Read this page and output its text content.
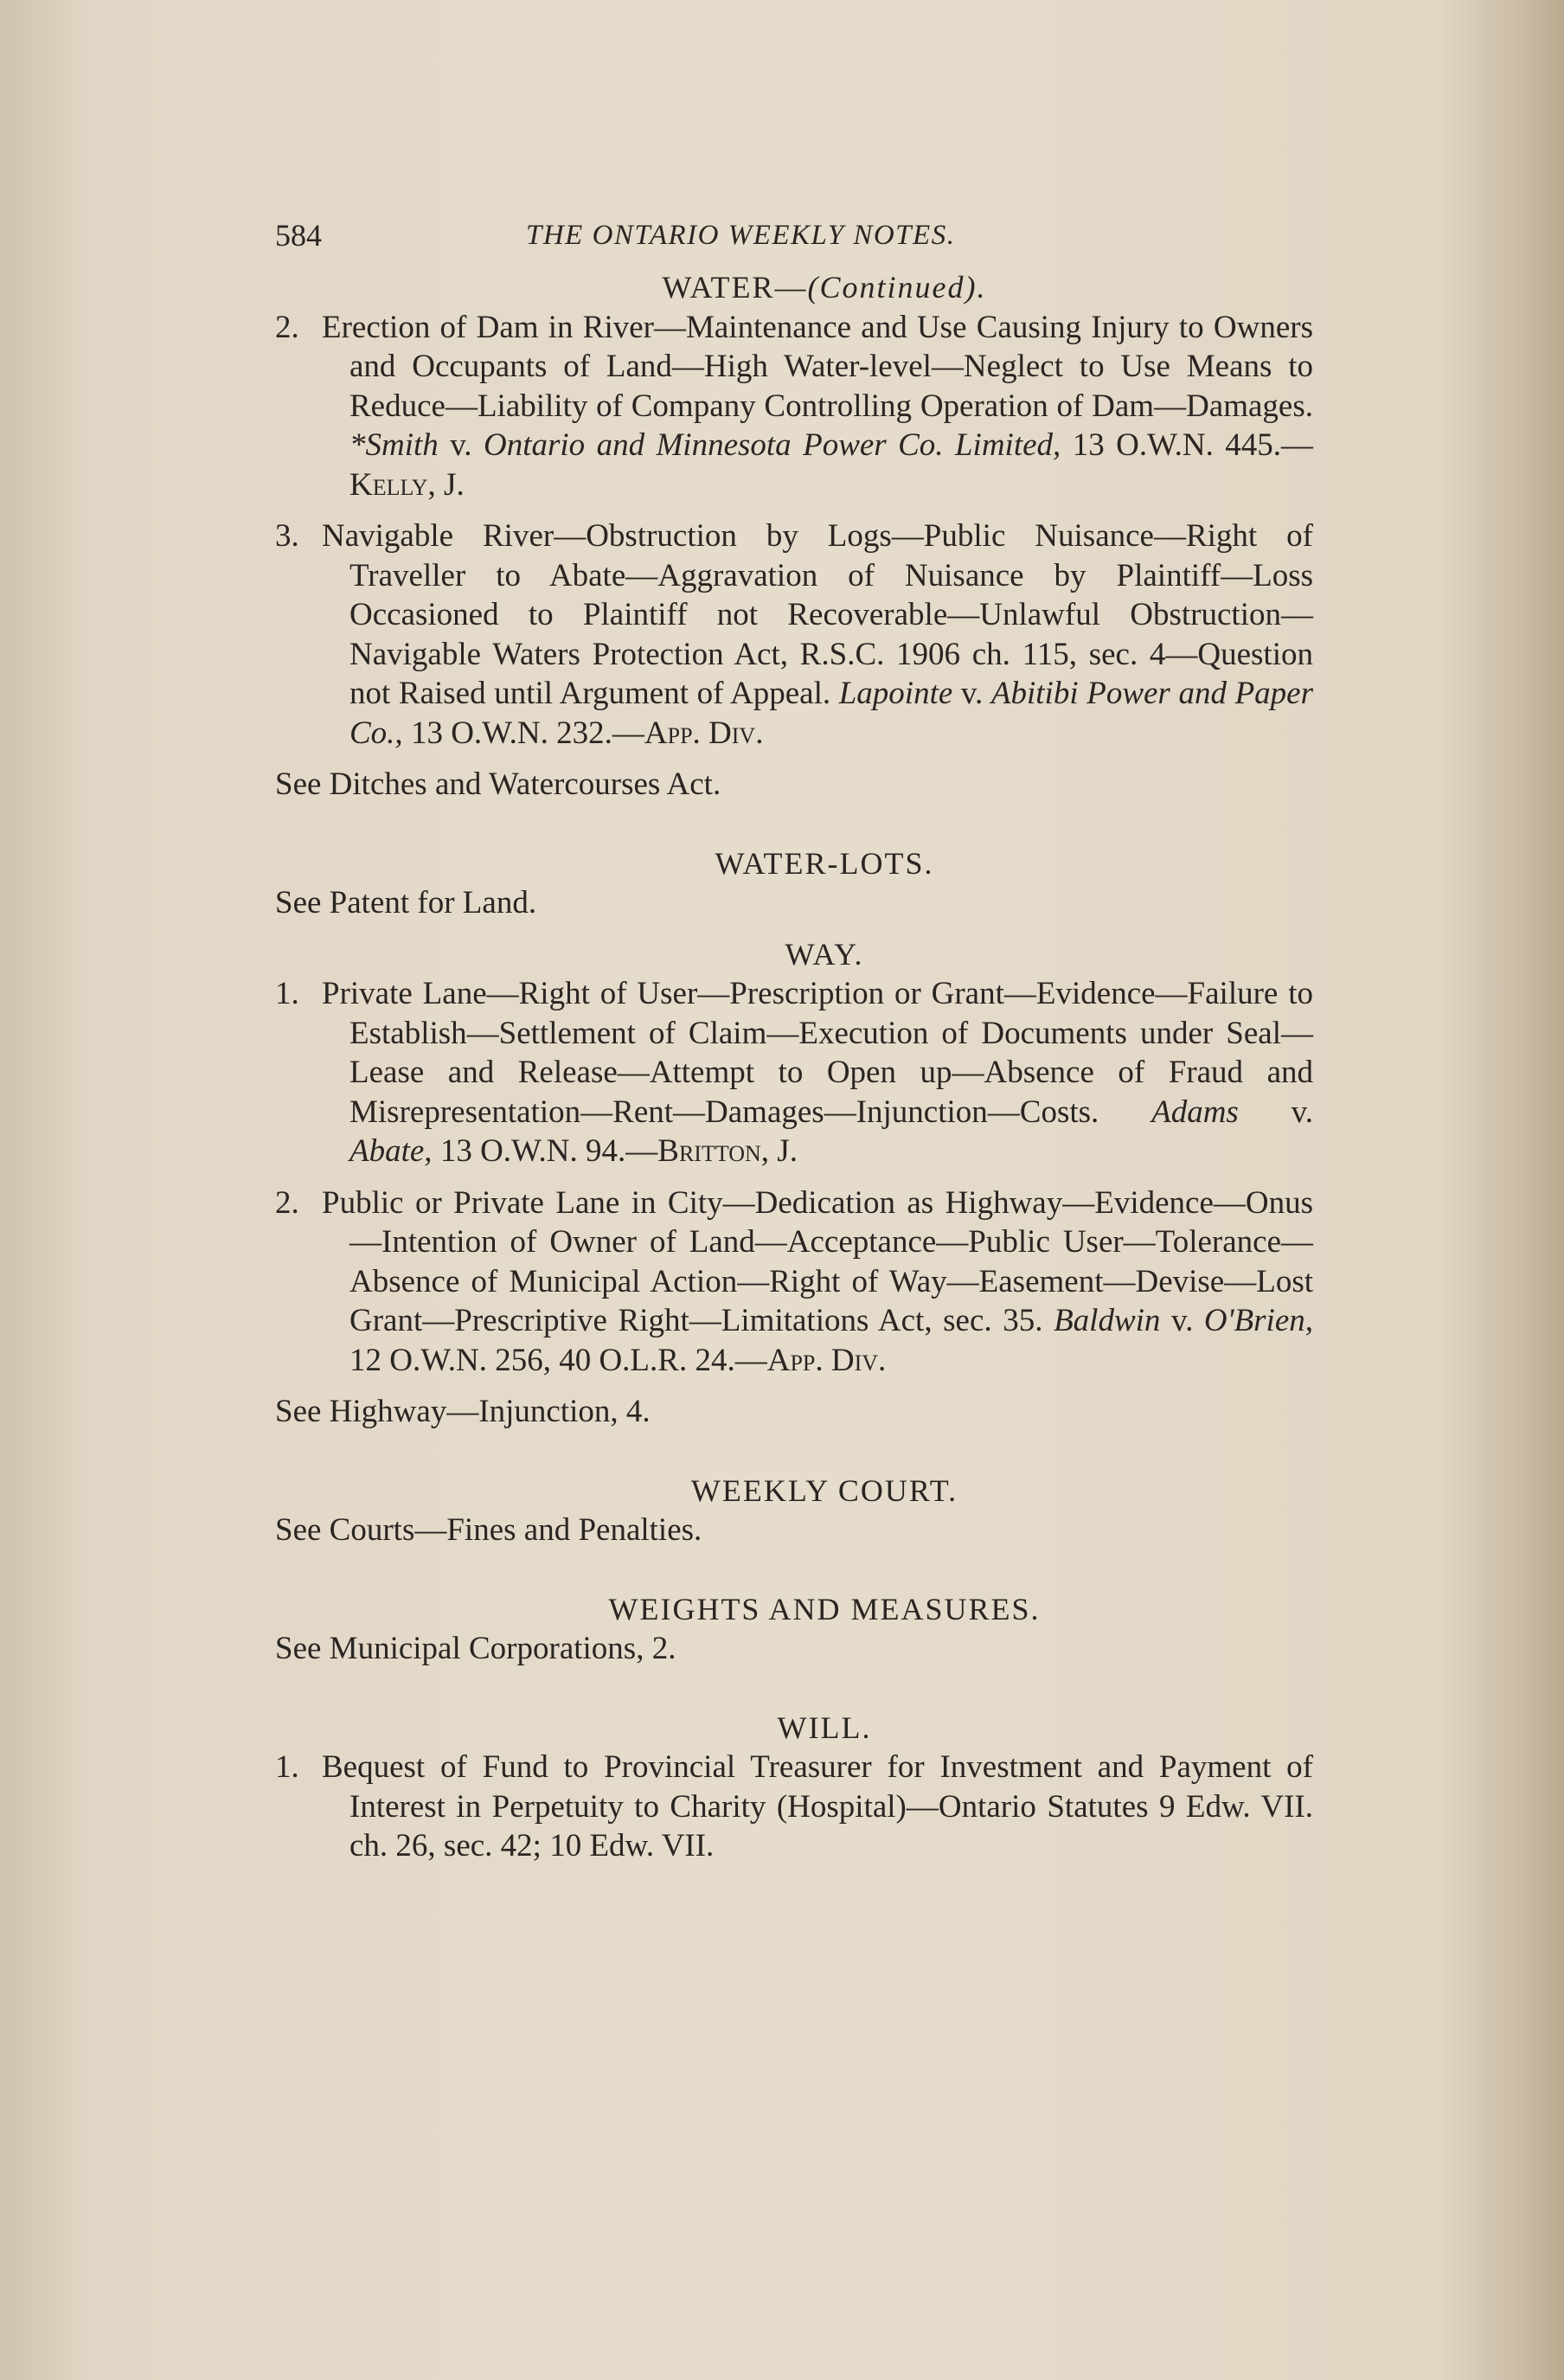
584	THE ONTARIO WEEKLY NOTES.

WATER—(Continued).

2. Erection of Dam in River—Maintenance and Use Causing Injury to Owners and Occupants of Land—High Water-level—Neglect to Use Means to Reduce—Liability of Company Controlling Operation of Dam—Damages. *Smith v. Ontario and Minnesota Power Co. Limited, 13 O.W.N. 445.—Kelly, J.

3. Navigable River—Obstruction by Logs—Public Nuisance—Right of Traveller to Abate—Aggravation of Nuisance by Plaintiff—Loss Occasioned to Plaintiff not Recoverable—Unlawful Obstruction—Navigable Waters Protection Act, R.S.C. 1906 ch. 115, sec. 4—Question not Raised until Argument of Appeal. Lapointe v. Abitibi Power and Paper Co., 13 O.W.N. 232.—App. Div.

See Ditches and Watercourses Act.

WATER-LOTS.

See Patent for Land.

WAY.

1. Private Lane—Right of User—Prescription or Grant—Evidence—Failure to Establish—Settlement of Claim—Execution of Documents under Seal—Lease and Release—Attempt to Open up—Absence of Fraud and Misrepresentation—Rent—Damages—Injunction—Costs. Adams v. Abate, 13 O.W.N. 94.—Britton, J.

2. Public or Private Lane in City—Dedication as Highway—Evidence—Onus—Intention of Owner of Land—Acceptance—Public User—Tolerance—Absence of Municipal Action—Right of Way—Easement—Devise—Lost Grant—Prescriptive Right—Limitations Act, sec. 35. Baldwin v. O'Brien, 12 O.W.N. 256, 40 O.L.R. 24.—App. Div.

See Highway—Injunction, 4.

WEEKLY COURT.

See Courts—Fines and Penalties.

WEIGHTS AND MEASURES.

See Municipal Corporations, 2.

WILL.

1. Bequest of Fund to Provincial Treasurer for Investment and Payment of Interest in Perpetuity to Charity (Hospital)—Ontario Statutes 9 Edw. VII. ch. 26, sec. 42; 10 Edw. VII.
